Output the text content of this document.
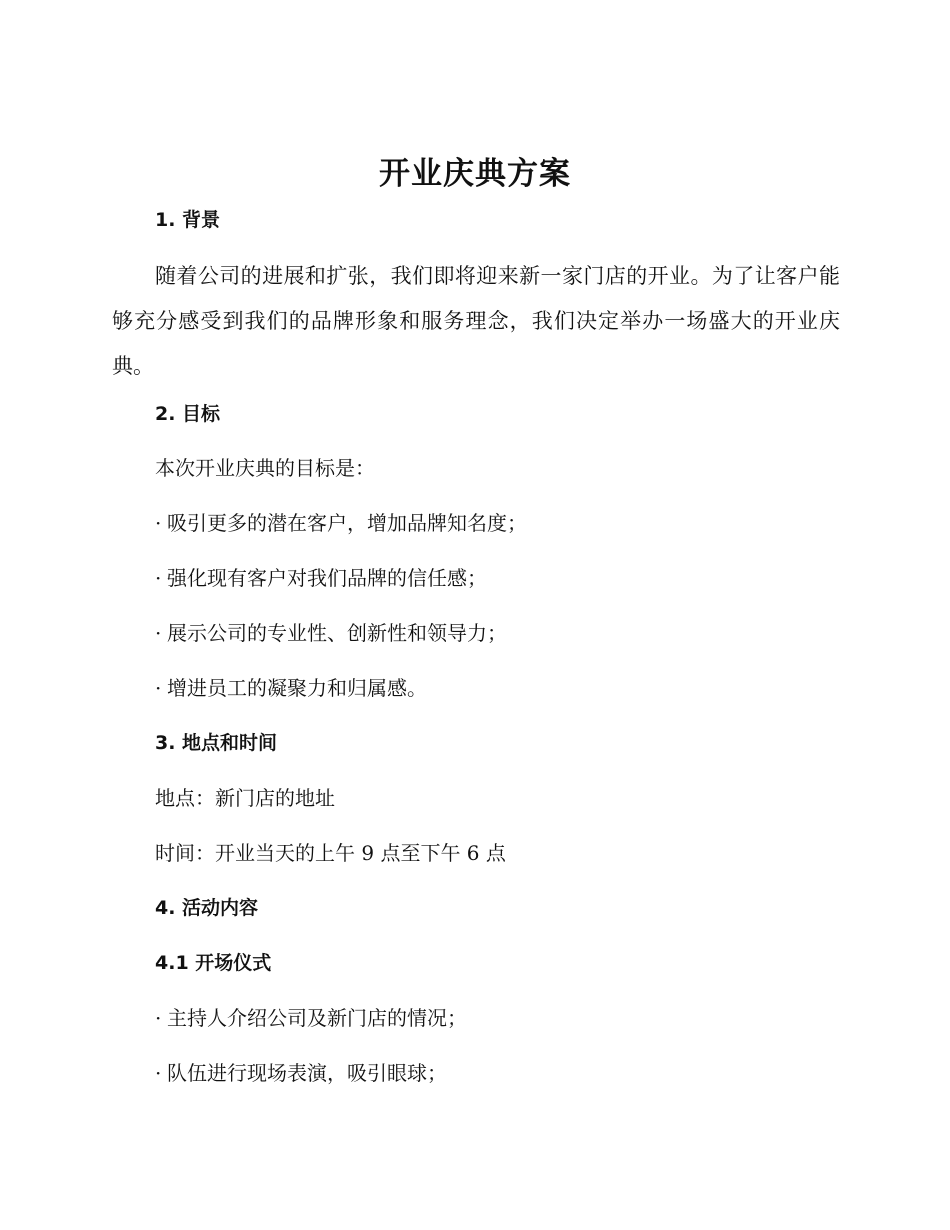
开业庆典方案

1. 背景

随着公司的进展和扩张，我们即将迎来新一家门店的开业。为了让客户能够充分感受到我们的品牌形象和服务理念，我们决定举办一场盛大的开业庆典。

2. 目标

本次开业庆典的目标是：

· 吸引更多的潜在客户，增加品牌知名度；

· 强化现有客户对我们品牌的信任感；

· 展示公司的专业性、创新性和领导力；

· 增进员工的凝聚力和归属感。

3. 地点和时间

地点：新门店的地址

时间：开业当天的上午 9 点至下午 6 点

4. 活动内容

4.1 开场仪式

· 主持人介绍公司及新门店的情况；

· 队伍进行现场表演，吸引眼球；
